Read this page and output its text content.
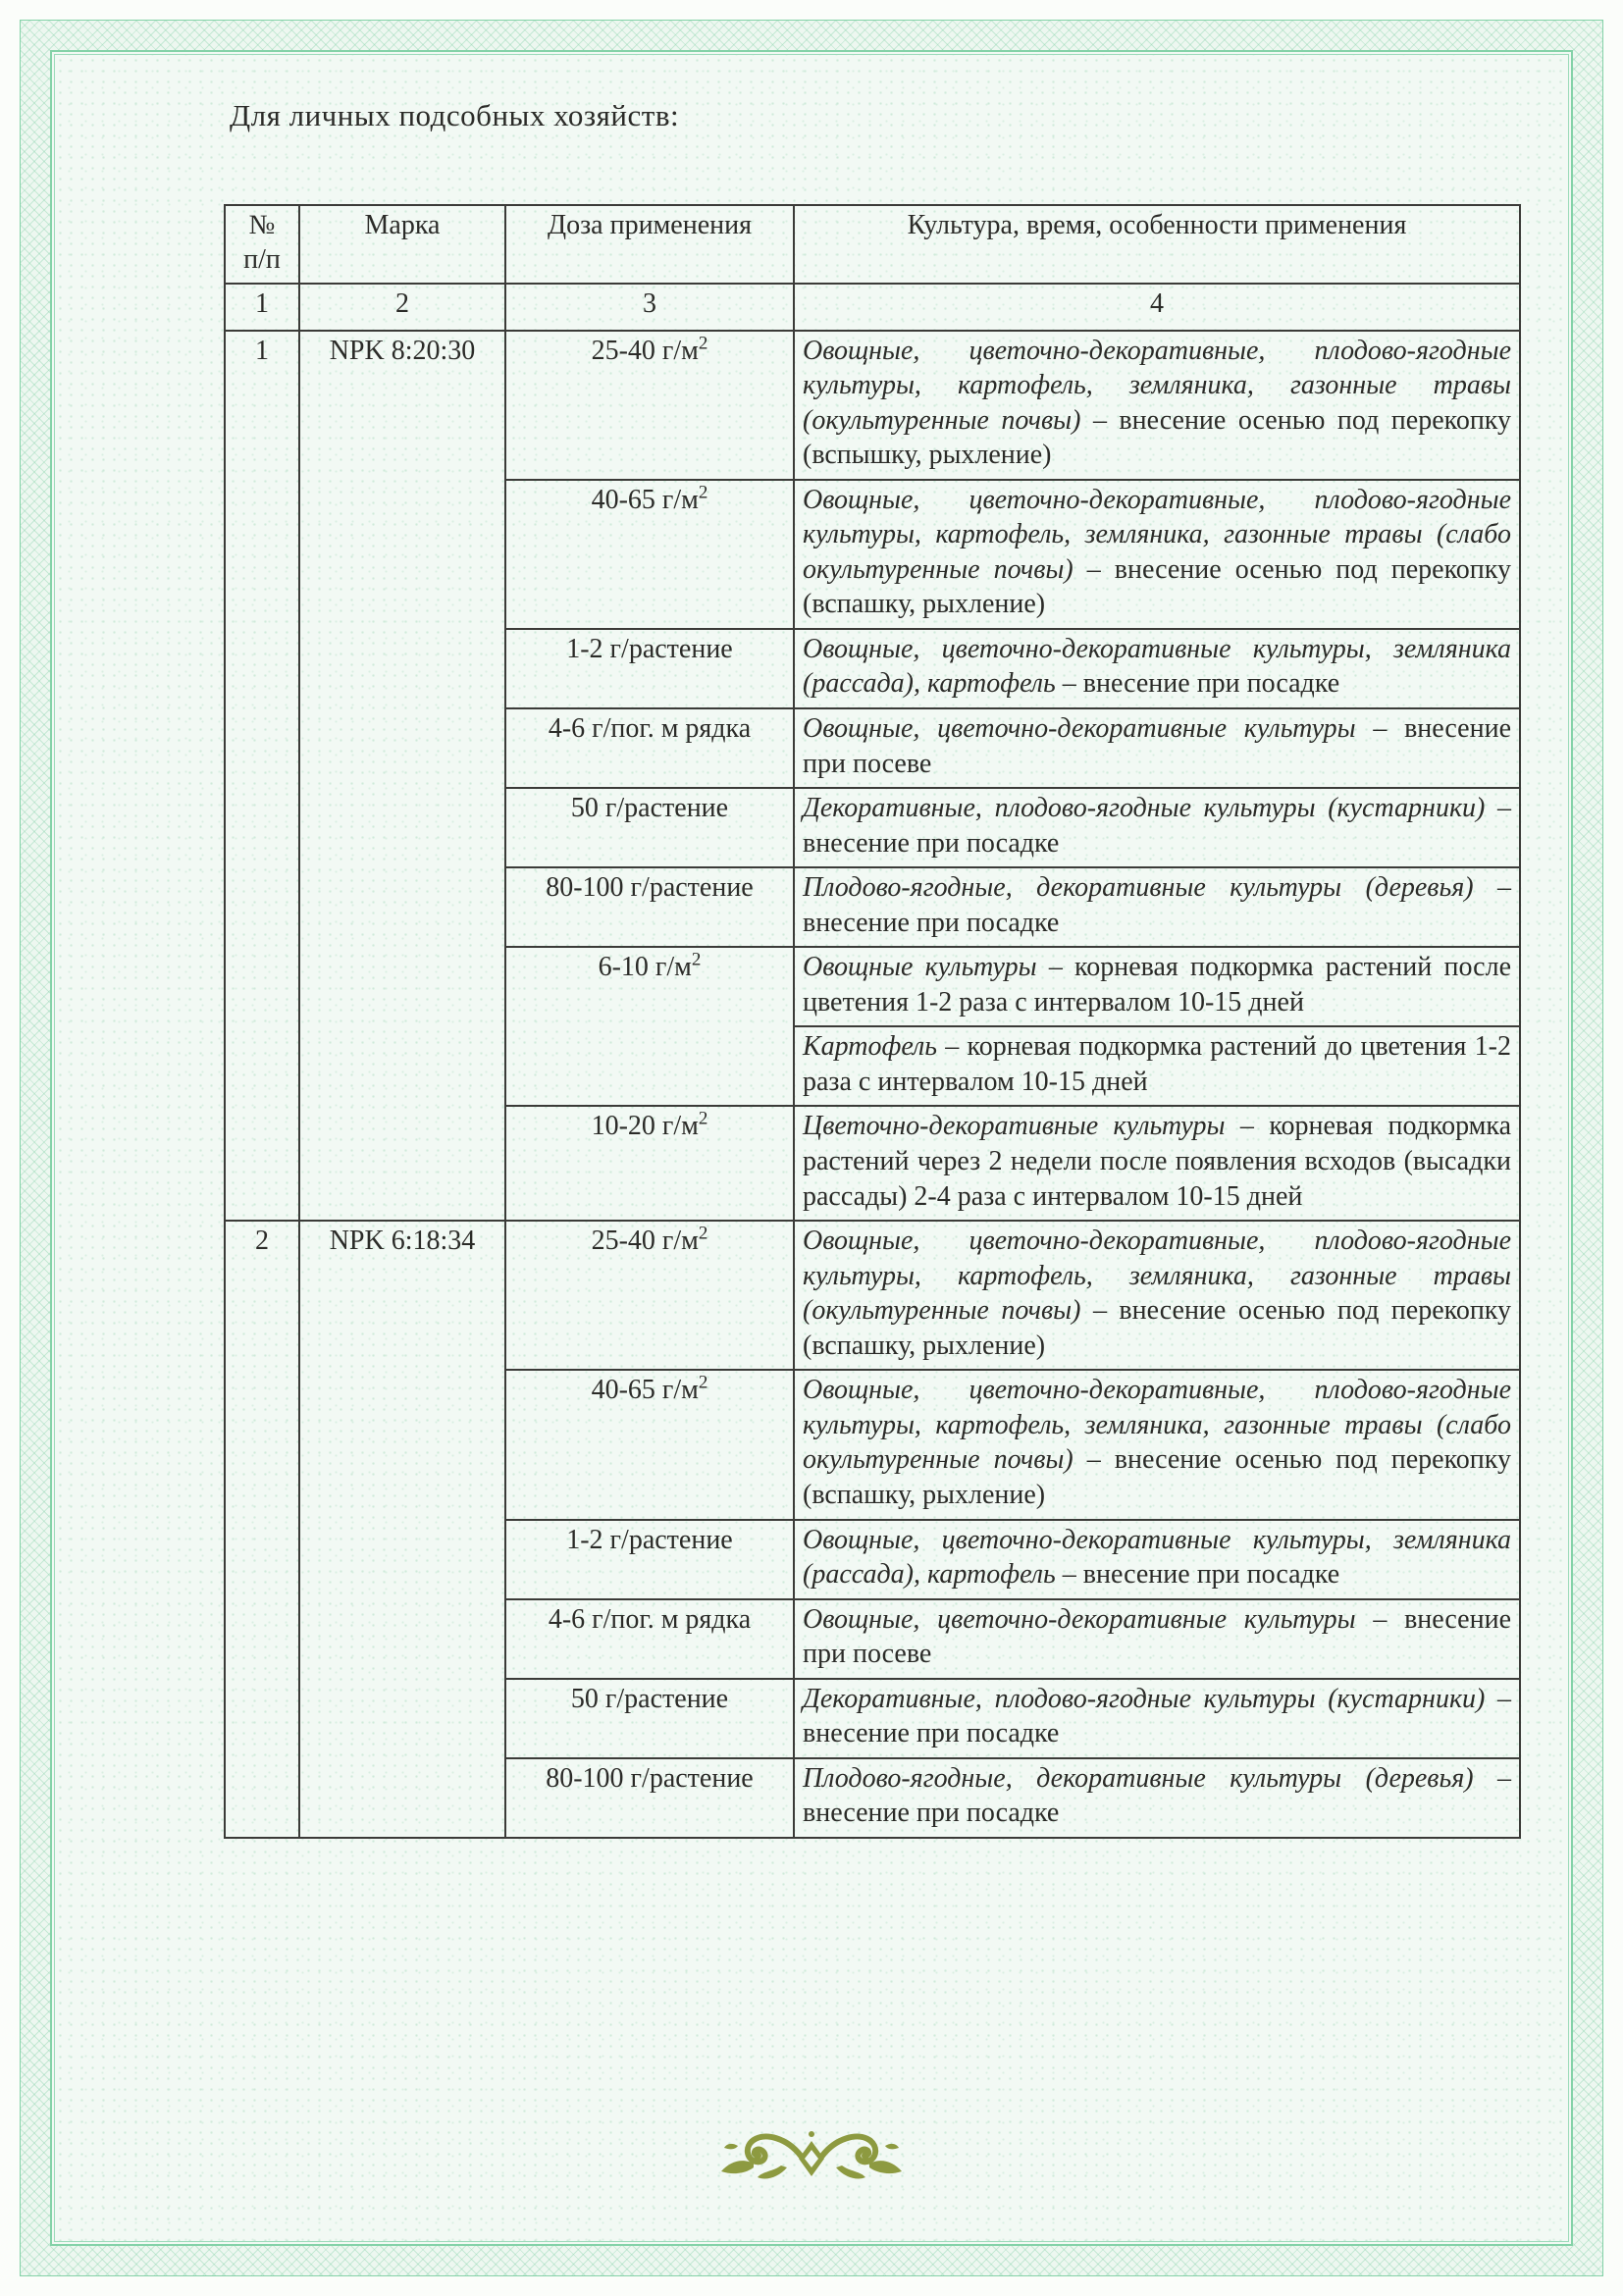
Для личных подсобных хозяйств:
№
п/п	Марка	Доза применения	Культура, время, особенности применения
1	2	3	4
1	NPK 8:20:30	25-40 $г/м^2$	Овощные, цветочно-декоративные, плодово-ягодные культуры, картофель, земляника, газонные травы (окультуренные почвы) – внесение осенью под перекопку (вспышку, рыхление)
		40-65 $г/м^2$	Овощные, цветочно-декоративные, плодово-ягодные культуры, картофель, земляника, газонные травы (слабо окультуренные почвы) – внесение осенью под перекопку (вспашку, рыхление)
		1-2 г/растение	Овощные, цветочно-декоративные культуры, земляника (рассада), картофель – внесение при посадке
		4-6 г/пог. м рядка	Овощные, цветочно-декоративные культуры – внесение при посеве
		50 г/растение	Декоративные, плодово-ягодные культуры (кустарники) – внесение при посадке
		80-100 г/растение	Плодово-ягодные, декоративные культуры (деревья) – внесение при посадке
		6-10 $г/м^2$	Овощные культуры – корневая подкормка растений после цветения 1-2 раза с интервалом 10-15 дней
			Картофель – корневая подкормка растений до цветения 1-2 раза с интервалом 10-15 дней
		10-20 $г/м^2$	Цветочно-декоративные культуры – корневая подкормка растений через 2 недели после появления всходов (высадки рассады) 2-4 раза с интервалом 10-15 дней
2	NPK 6:18:34	25-40 $г/м^2$	Овощные, цветочно-декоративные, плодово-ягодные культуры, картофель, земляника, газонные травы (окультуренные почвы) – внесение осенью под перекопку (вспашку, рыхление)
		40-65 $г/м^2$	Овощные, цветочно-декоративные, плодово-ягодные культуры, картофель, земляника, газонные травы (слабо окультуренные почвы) – внесение осенью под перекопку (вспашку, рыхление)
		1-2 г/растение	Овощные, цветочно-декоративные культуры, земляника (рассада), картофель – внесение при посадке
		4-6 г/пог. м рядка	Овощные, цветочно-декоративные культуры – внесение при посеве
		50 г/растение	Декоративные, плодово-ягодные культуры (кустарники) – внесение при посадке
		80-100 г/растение	Плодово-ягодные, декоративные культуры (деревья) – внесение при посадке
